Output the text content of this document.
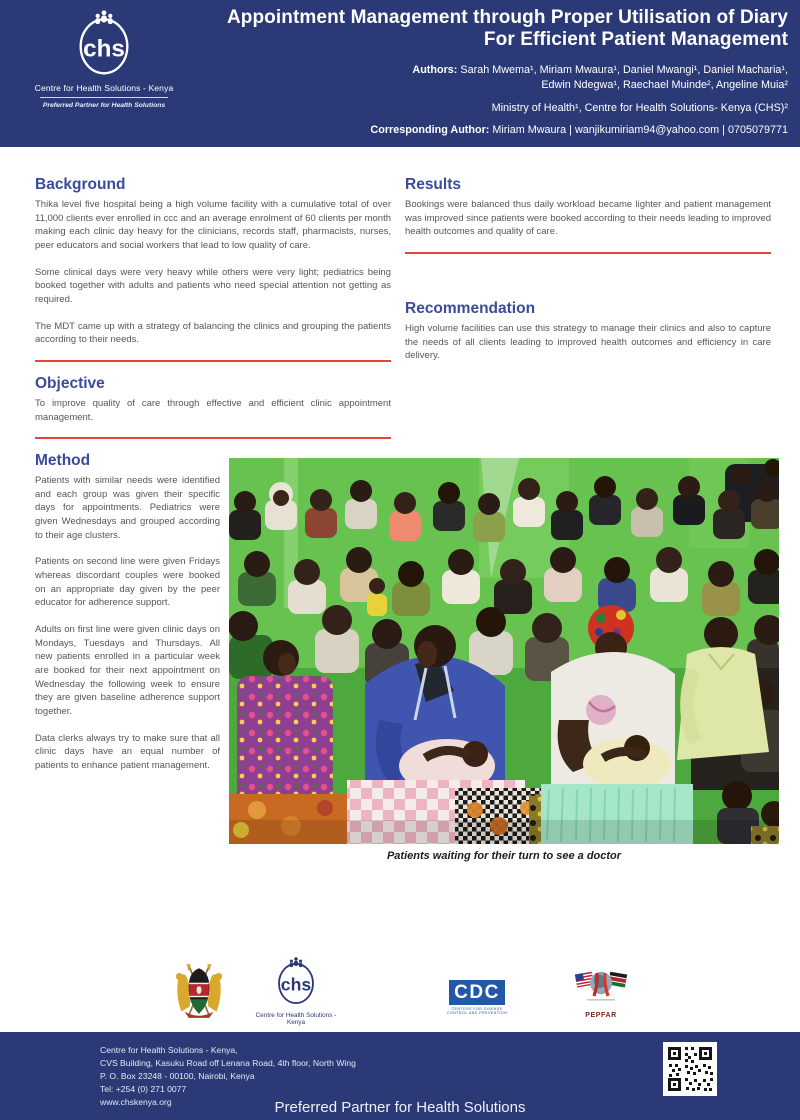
chs
Centre for Health Solutions - Kenya
Preferred Partner for Health Solutions
Appointment Management through Proper Utilisation of Diary
For Efficient Patient Management
Authors: Sarah Mwema¹, Miriam Mwaura¹, Daniel Mwangi¹, Daniel Macharia¹,
Edwin Ndegwa¹, Raechael Muinde², Angeline Muia²
Ministry of Health¹, Centre for Health Solutions- Kenya (CHS)²
Corresponding Author: Miriam Mwaura | wanjikumiriam94@yahoo.com | 0705079771
Background

Thika level five hospital being a high volume facility with a cumulative total of over 11,000 clients ever enrolled in ccc and an average enrolment of 60 clients per month making each clinic day heavy for the clinicians, records staff, pharmacists, nurses, peer educators and social workers that lead to low quality of care.

Some clinical days were very heavy while others were very light; pediatrics being booked together with adults and patients who need special attention not getting as required.

The MDT came up with a strategy of balancing the clinics and grouping the patients according to their needs.

Objective

To improve quality of care through effective and efficient clinic appointment management.

Results

Bookings were balanced thus daily workload became lighter and patient management was improved since patients were booked according to their needs leading to improved health outcomes and quality of care.

Recommendation

High volume facilities can use this strategy to manage their clinics and also to capture the needs of all clients leading to improved health outcomes and efficiency in care delivery.

Method

Patients with similar needs were identified and each group was given their specific days for appointments. Pediatrics were given Wednesdays and grouped according to their age clusters.

Patients on second line were given Fridays whereas discordant couples were booked on an appropriate day given by the peer educator for adherence support.

Adults on first line were given clinic days on Mondays, Tuesdays and Thursdays. All new patients enrolled in a particular week are booked for their next appointment on Wednesday the following week to ensure they are given baseline adherence support together.

Data clerks always try to make sure that all clinic days have an equal number of patients to enhance patient management.

Patients waiting for their turn to see a doctor
chs
Centre for Health Solutions - Kenya
CDC
CENTERS FOR DISEASE
CONTROL AND PREVENTION	PEPFAR
Centre for Health Solutions - Kenya,
CVS Building, Kasuku Road off Lenana Road, 4th floor, North Wing
P. O. Box 23248 - 00100, Nairobi, Kenya
Tel: +254 (0) 271 0077
www.chskenya.org	Preferred Partner for Health Solutions
